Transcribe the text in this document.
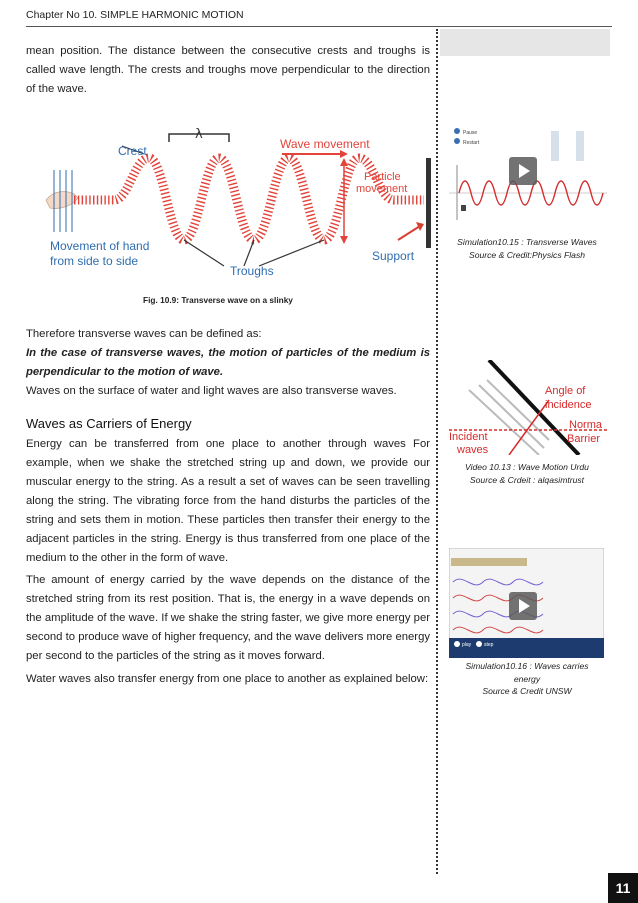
Chapter No 10. SIMPLE HARMONIC MOTION

mean position. The distance between the consecutive crests and troughs is called wave length. The crests and troughs move perpendicular to the direction of the wave.

λ
Crest	Wave movement
Particle
movement
Movement of hand
from side to side
Troughs
Support
Fig. 10.9: Transverse wave on a slinky

Therefore transverse waves can be defined as:

In the case of transverse waves, the motion of particles of the medium is perpendicular to the motion of wave.

Waves on the surface of water and light waves are also transverse waves.

Waves as Carriers of Energy

Energy can be transferred from one place to another through waves For example, when we shake the stretched string up and down, we provide our muscular energy to the string. As a result a set of waves can be seen travelling along the string. The vibrating force from the hand disturbs the particles of the string and sets them in motion. These particles then transfer their energy to the adjacent particles in the string. Energy is thus transferred from one place of the medium to the other in the form of wave.

The amount of energy carried by the wave depends on the distance of the stretched string from its rest position. That is, the energy in a wave depends on the amplitude of the wave. If we shake the string faster, we give more energy per second to produce wave of higher frequency, and the wave delivers more energy per second to the particles of the string as it moves forward.

Water waves also transfer energy from one place to another as explained below:

Pause
Restart
Simulation10.15 : Transverse Waves
Source & Credit:Physics Flash
Angle of
incidence
Incident
waves
Norma
Barrier
Video 10.13 : Wave Motion Urdu
Source & Crdeit : alqasimtrust
play	step
Simulation10.16 : Waves carries
energy
Source & Credit UNSW
11
